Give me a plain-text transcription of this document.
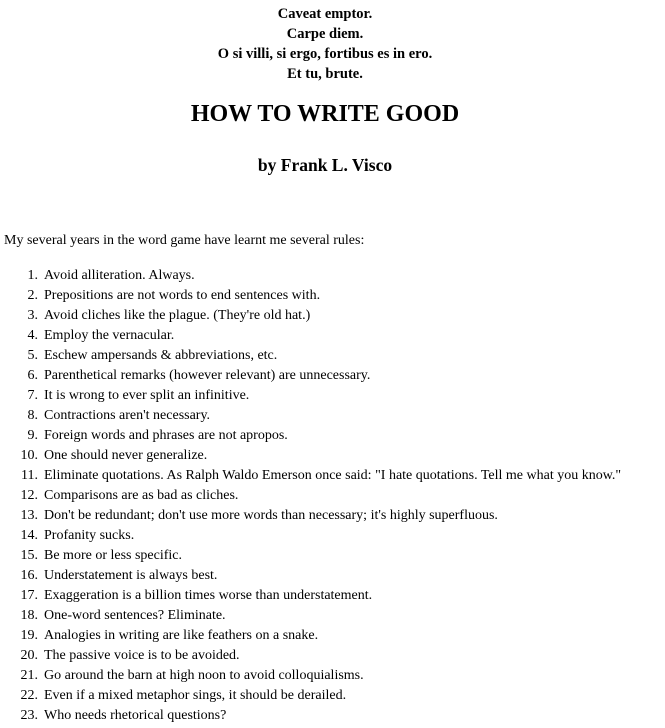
Caveat emptor.
Carpe diem.
O si villi, si ergo, fortibus es in ero.
Et tu, brute.
HOW TO WRITE GOOD
by Frank L. Visco

My several years in the word game have learnt me several rules:

1. Avoid alliteration. Always.
2. Prepositions are not words to end sentences with.
3. Avoid cliches like the plague. (They're old hat.)
4. Employ the vernacular.
5. Eschew ampersands & abbreviations, etc.
6. Parenthetical remarks (however relevant) are unnecessary.
7. It is wrong to ever split an infinitive.
8. Contractions aren't necessary.
9. Foreign words and phrases are not apropos.
10. One should never generalize.
11. Eliminate quotations. As Ralph Waldo Emerson once said: "I hate quotations. Tell me what you know."
12. Comparisons are as bad as cliches.
13. Don't be redundant; don't use more words than necessary; it's highly superfluous.
14. Profanity sucks.
15. Be more or less specific.
16. Understatement is always best.
17. Exaggeration is a billion times worse than understatement.
18. One-word sentences? Eliminate.
19. Analogies in writing are like feathers on a snake.
20. The passive voice is to be avoided.
21. Go around the barn at high noon to avoid colloquialisms.
22. Even if a mixed metaphor sings, it should be derailed.
23. Who needs rhetorical questions?
